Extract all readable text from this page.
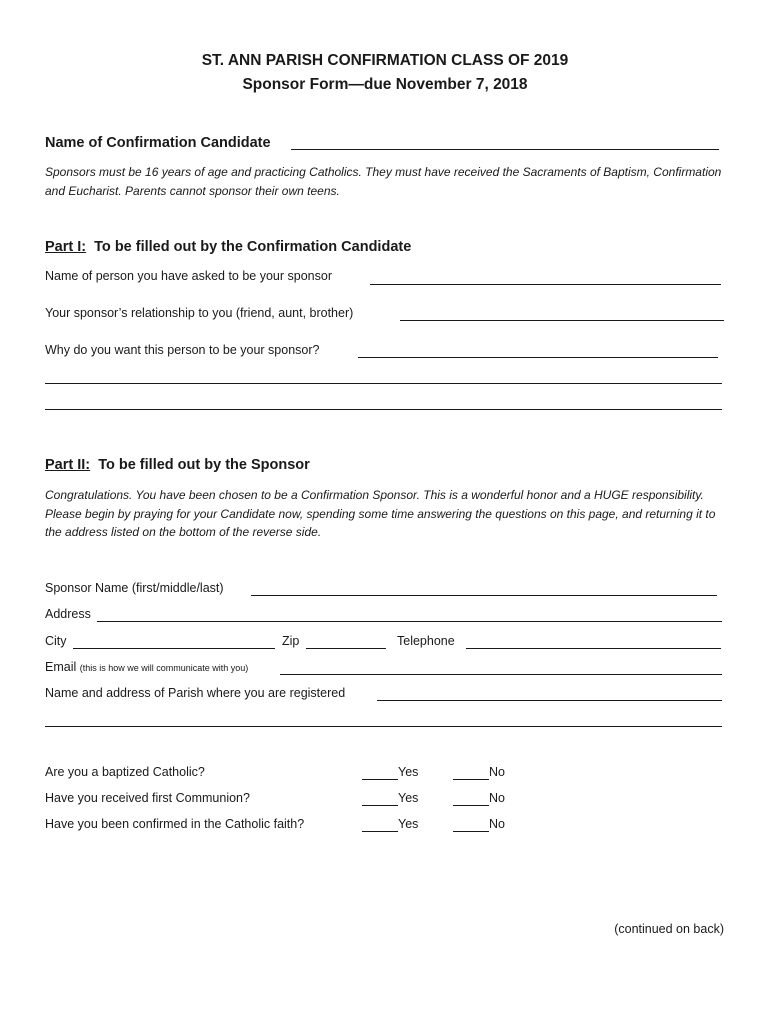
ST. ANN PARISH CONFIRMATION CLASS OF 2019
Sponsor Form—due November 7, 2018
Name of Confirmation Candidate
Sponsors must be 16 years of age and practicing Catholics. They must have received the Sacraments of Baptism, Confirmation and Eucharist. Parents cannot sponsor their own teens.
Part I: To be filled out by the Confirmation Candidate
Name of person you have asked to be your sponsor
Your sponsor’s relationship to you (friend, aunt, brother)
Why do you want this person to be your sponsor?
Part II: To be filled out by the Sponsor
Congratulations. You have been chosen to be a Confirmation Sponsor. This is a wonderful honor and a HUGE responsibility. Please begin by praying for your Candidate now, spending some time answering the questions on this page, and returning it to the address listed on the bottom of the reverse side.
Sponsor Name (first/middle/last)
Address
City	Zip	Telephone
Email (this is how we will communicate with you)
Name and address of Parish where you are registered
Are you a baptized Catholic?	Yes	No
Have you received first Communion?	Yes	No
Have you been confirmed in the Catholic faith?	Yes	No
(continued on back)
